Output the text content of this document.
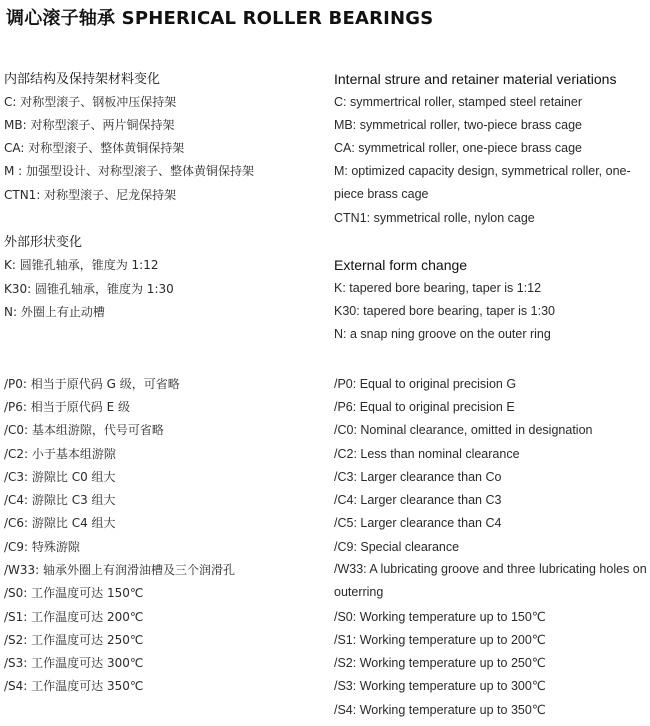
调心滚子轴承 SPHERICAL ROLLER BEARINGS
内部结构及保持架材料变化
C: 对称型滚子、钢板冲压保持架
MB: 对称型滚子、两片铜保持架
CA: 对称型滚子、整体黄铜保持架
M : 加强型设计、对称型滚子、整体黄铜保持架
CTN1: 对称型滚子、尼龙保持架
外部形状变化
K: 圆锥孔轴承，锥度为 1:12
K30: 圆锥孔轴承，锥度为 1:30
N: 外圈上有止动槽
/P0: 相当于原代码 G 级，可省略
/P6: 相当于原代码 E 级
/C0: 基本组游隙，代号可省略
/C2: 小于基本组游隙
/C3: 游隙比 C0 组大
/C4: 游隙比 C3 组大
/C6: 游隙比 C4 组大
/C9: 特殊游隙
/W33: 轴承外圈上有润滑油槽及三个润滑孔
/S0: 工作温度可达 150℃
/S1: 工作温度可达 200℃
/S2: 工作温度可达 250℃
/S3: 工作温度可达 300℃
/S4: 工作温度可达 350℃
Internal strure and retainer material veriations
C: symmertrical roller, stamped steel retainer
MB: symmetrical roller, two-piece brass cage
CA: symmetrical roller, one-piece brass cage
M: optimized capacity design, symmetrical roller, one-piece brass cage
CTN1: symmetrical rolle, nylon cage
External form change
K: tapered bore bearing, taper is 1:12
K30: tapered bore bearing, taper is 1:30
N: a snap ning groove on the outer ring
/P0: Equal to original precision G
/P6: Equal to original precision E
/C0: Nominal clearance, omitted in designation
/C2: Less than nominal clearance
/C3: Larger clearance than Co
/C4: Larger clearance than C3
/C5: Larger clearance than C4
/C9: Special clearance
/W33: A lubricating groove and three lubricating holes on outerring
/S0: Working temperature up to 150℃
/S1: Working temperature up to 200℃
/S2: Working temperature up to 250℃
/S3: Working temperature up to 300℃
/S4: Working temperature up to 350℃
